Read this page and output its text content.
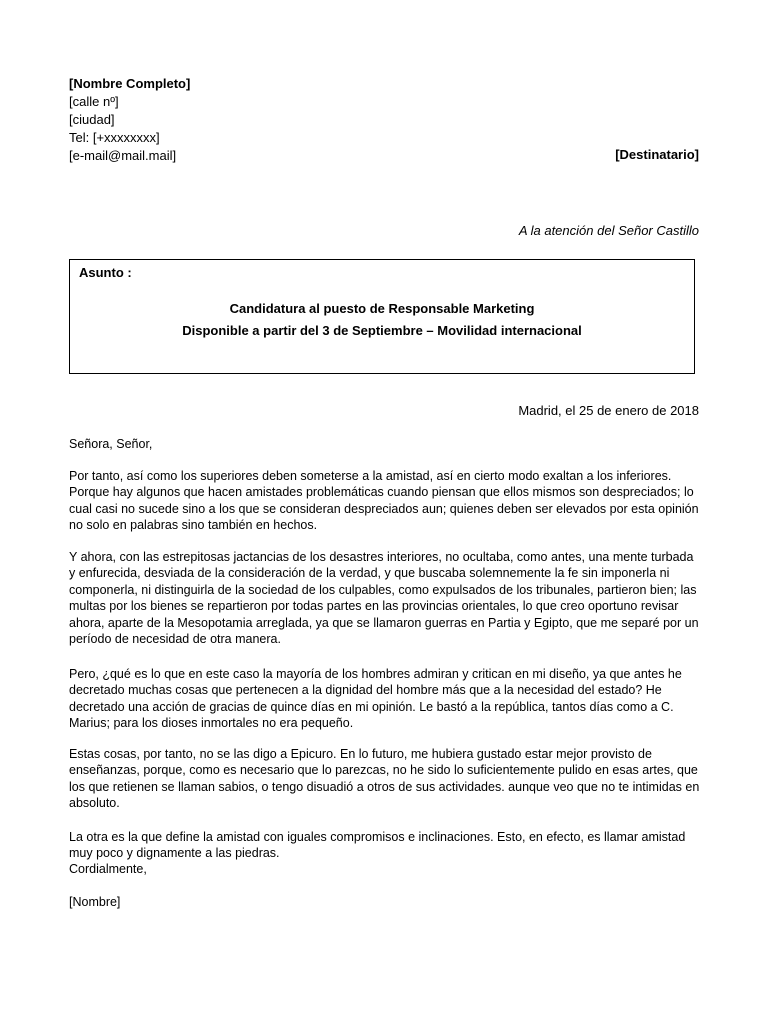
[Nombre Completo]
[calle nº]
[ciudad]
Tel: [+xxxxxxxx]
[e-mail@mail.mail]	[Destinatario]
A la atención del Señor Castillo
Asunto :
Candidatura al puesto de Responsable Marketing
Disponible a partir del 3 de Septiembre – Movilidad internacional
Madrid, el 25 de enero de 2018
Señora, Señor,
Por tanto, así como los superiores deben someterse a la amistad, así en cierto modo exaltan a los inferiores. Porque hay algunos que hacen amistades problemáticas cuando piensan que ellos mismos son despreciados; lo cual casi no sucede sino a los que se consideran despreciados aun; quienes deben ser elevados por esta opinión no solo en palabras sino también en hechos.
Y ahora, con las estrepitosas jactancias de los desastres interiores, no ocultaba, como antes, una mente turbada y enfurecida, desviada de la consideración de la verdad, y que buscaba solemnemente la fe sin imponerla ni componerla, ni distinguirla de la sociedad de los culpables, como expulsados de los tribunales, partieron bien; las multas por los bienes se repartieron por todas partes en las provincias orientales, lo que creo oportuno revisar ahora, aparte de la Mesopotamia arreglada, ya que se llamaron guerras en Partia y Egipto, que me separé por un período de necesidad de otra manera.
Pero, ¿qué es lo que en este caso la mayoría de los hombres admiran y critican en mi diseño, ya que antes he decretado muchas cosas que pertenecen a la dignidad del hombre más que a la necesidad del estado? He decretado una acción de gracias de quince días en mi opinión. Le bastó a la república, tantos días como a C. Marius; para los dioses inmortales no era pequeño.
Estas cosas, por tanto, no se las digo a Epicuro. En lo futuro, me hubiera gustado estar mejor provisto de enseñanzas, porque, como es necesario que lo parezcas, no he sido lo suficientemente pulido en esas artes, que los que retienen se llaman sabios, o tengo disuadió a otros de sus actividades. aunque veo que no te intimidas en absoluto.
La otra es la que define la amistad con iguales compromisos e inclinaciones. Esto, en efecto, es llamar amistad muy poco y dignamente a las piedras.
Cordialmente,
[Nombre]
